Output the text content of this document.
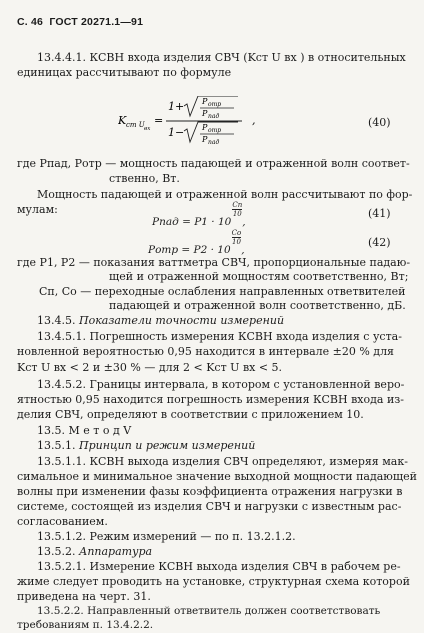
С. 46 ГОСТ 20271.1—91
13.4.4.1. КСВН входа изделия СВЧ (Kст U вх ) в относительных
единицах рассчитывают по формуле
K ст U вх
=
1+ P отр
P пад
1− P отр
P пад
,	(40)
где Pпад, Pотр — мощность падающей и отраженной волн соответ-
ственно, Вт.
Мощность падающей и отраженной волн рассчитывают по фор-
мулам:
Pпад = P1 · 10
$\frac{Cп}{10}$
,
(41)
Pотр = P2 · 10
$\frac{Cо}{10}$
,
(42)
где P1, P2 — показания ваттметра СВЧ, пропорциональные падаю-
щей и отраженной мощностям соответственно, Вт;
Cп, Cо — переходные ослабления направленных ответвителей
падающей и отраженной волн соответственно, дБ.
13.4.5. Показатели точности измерений
13.4.5.1. Погрешность измерения КСВН входа изделия с уста-
новленной вероятностью 0,95 находится в интервале ±20 % для
Kст U вх < 2 и ±30 % — для 2 < Kст U вх < 5.
13.4.5.2. Границы интервала, в котором с установленной веро-
ятностью 0,95 находится погрешность измерения КСВН входа из-
делия СВЧ, определяют в соответствии с приложением 10.
13.5. М е т о д V
13.5.1. Принцип и режим измерений
13.5.1.1. КСВН выхода изделия СВЧ определяют, измеряя мак-
симальное и минимальное значение выходной мощности падающей
волны при изменении фазы коэффициента отражения нагрузки в
системе, состоящей из изделия СВЧ и нагрузки с известным рас-
согласованием.
13.5.1.2. Режим измерений — по п. 13.2.1.2.
13.5.2. Аппаратура
13.5.2.1. Измерение КСВН выхода изделия СВЧ в рабочем ре-
жиме следует проводить на установке, структурная схема которой
приведена на черт. 31.
13.5.2.2. Направленный ответвитель должен соответствовать
требованиям п. 13.4.2.2.
